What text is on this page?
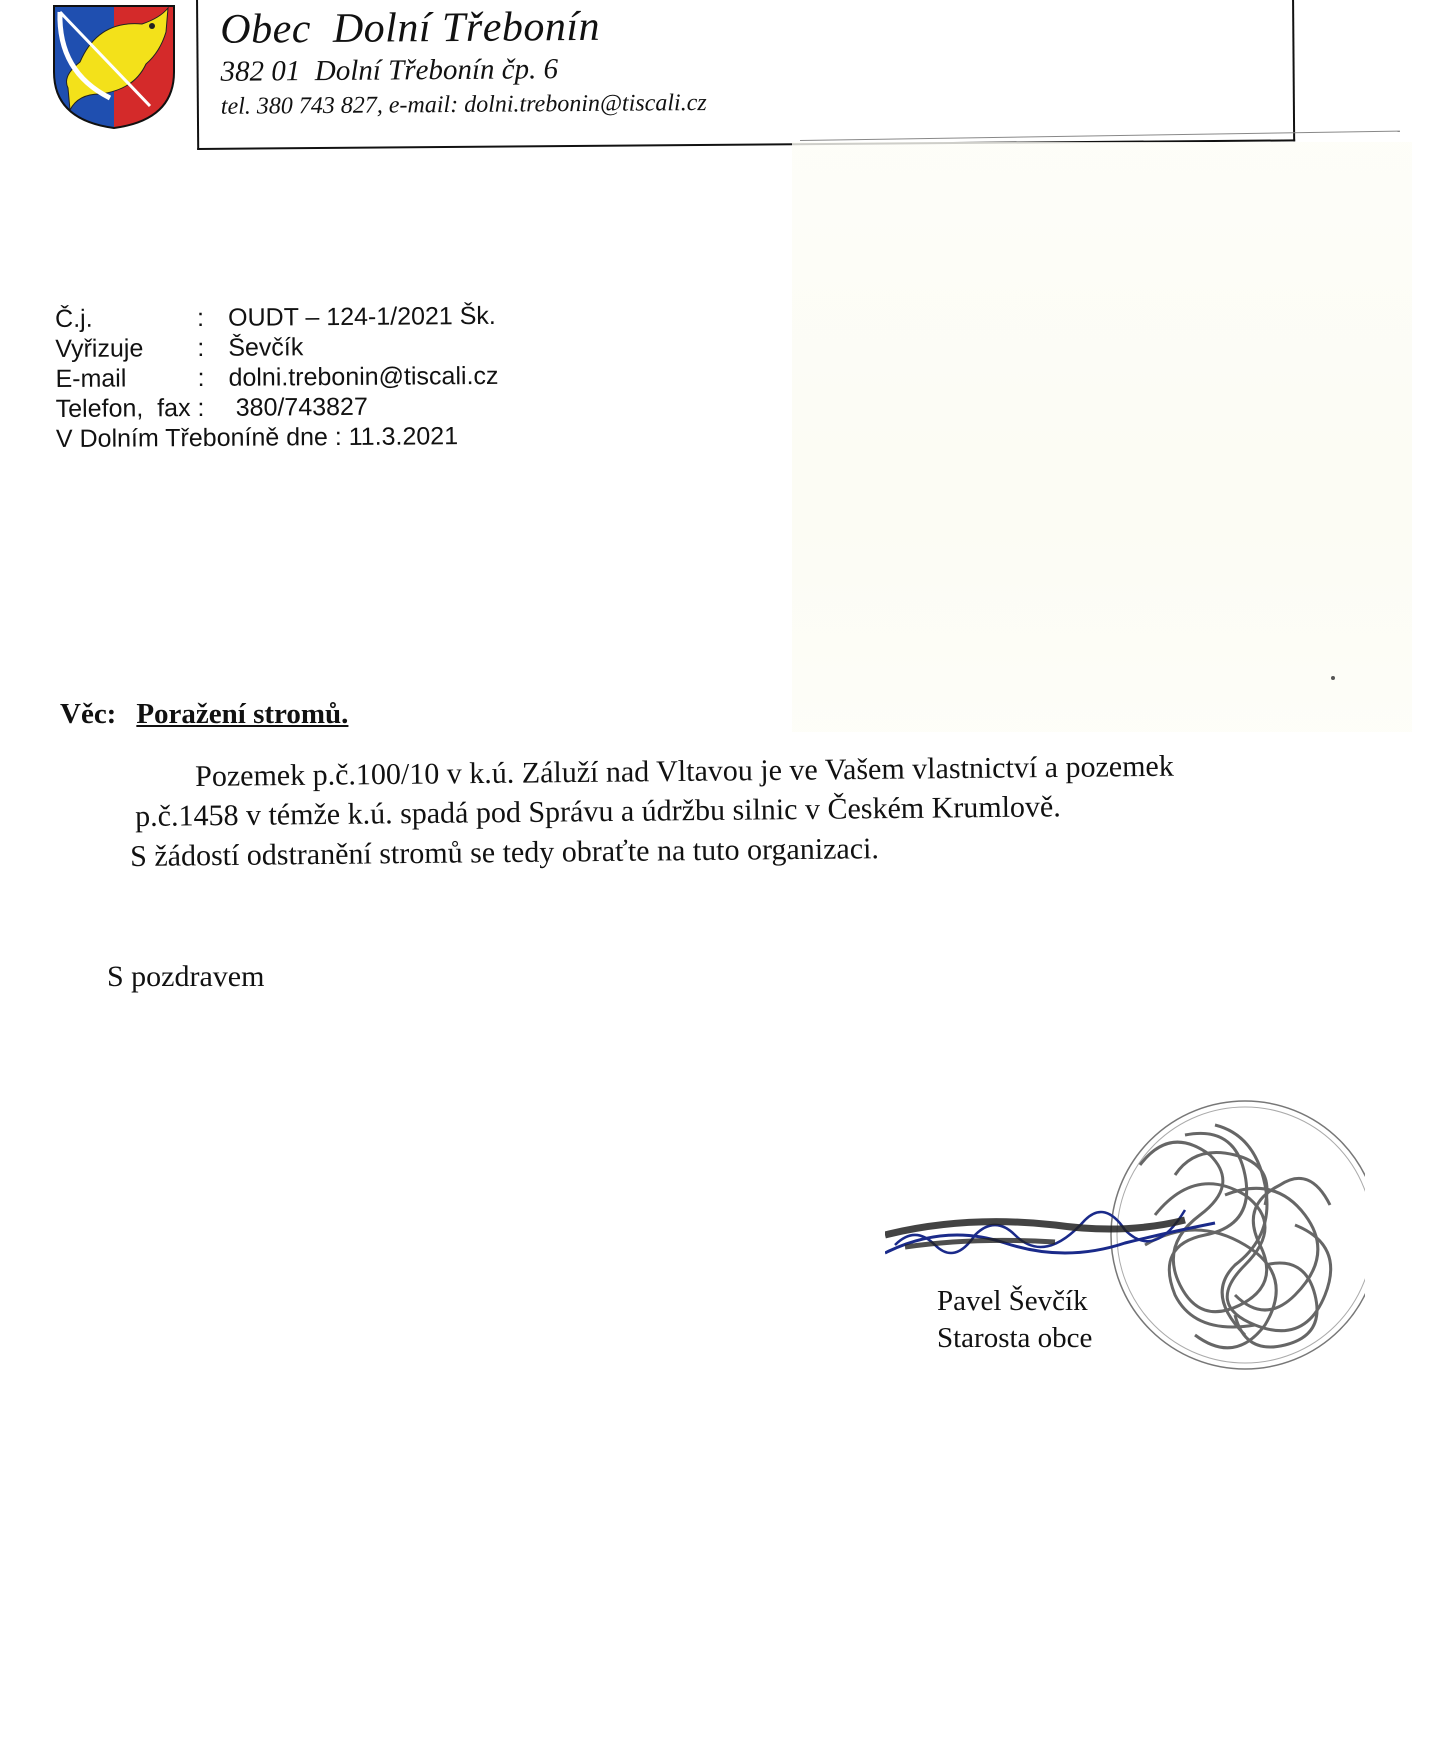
Obec  Dolní Třebonín
382 01  Dolní Třebonín čp. 6
tel. 380 743 827, e-mail: dolni.trebonin@tiscali.cz

Č.j.

	:

OUDT – 124-1/2021 Šk.

Vyřizuje

:

Ševčík

E-mail

	:

dolni.trebonin@tiscali.cz

Telefon,  fax :

380/743827

V Dolním Třeboníně dne : 11.3.2021

Věc: Poražení stromů.
Pozemek p.č.100/10 v k.ú. Záluží nad Vltavou je ve Vašem vlastnictví a pozemek
p.č.1458 v témže k.ú. spadá pod Správu a údržbu silnic v Českém Krumlově.
S žádostí odstranění stromů se tedy obraťte na tuto organizaci.
S pozdravem
Pavel Ševčík
Starosta obce
